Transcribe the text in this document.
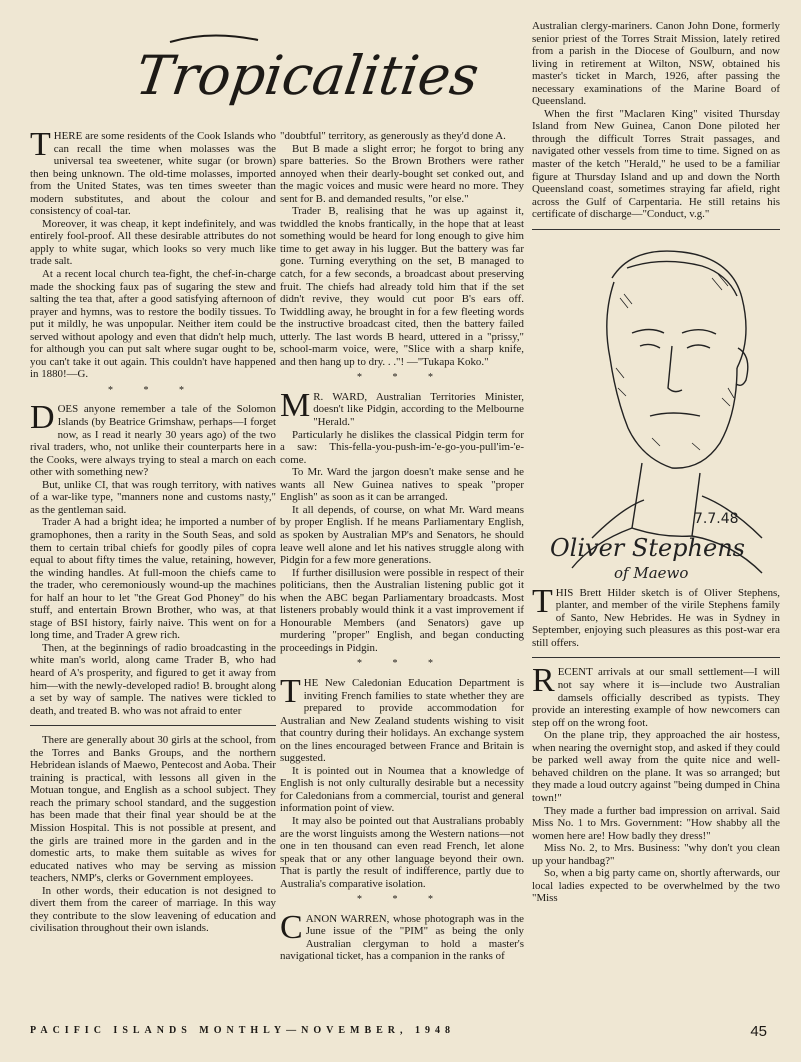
Tropicalities

THERE are some residents of the Cook Islands who can recall the time when molasses was the universal tea sweetener, white sugar (or brown) then being unknown. The old-time molasses, imported from the United States, was ten times sweeter than modern substitutes, and about the colour and consistency of coal-tar.

Moreover, it was cheap, it kept indefinitely, and was entirely fool-proof. All these desirable attributes do not apply to white sugar, which looks so very much like trade salt.

At a recent local church tea-fight, the chef-in-charge made the shocking faux pas of sugaring the stew and salting the tea that, after a good satisfying afternoon of prayer and hymns, was to restore the bodily tissues. To put it mildly, he was unpopular. Neither item could be served without apology and even that didn't help much, for although you can put salt where sugar ought to be, you can't take it out again. This couldn't have happened in 1880!—G.

* * *

DOES anyone remember a tale of the Solomon Islands (by Beatrice Grimshaw, perhaps—I forget now, as I read it nearly 30 years ago) of the two rival traders, who, not unlike their counterparts here in the Cooks, were always trying to steal a march on each other with something new?

But, unlike CI, that was rough territory, with natives of a war-like type, "manners none and customs nasty," as the gentleman said.

Trader A had a bright idea; he imported a number of gramophones, then a rarity in the South Seas, and sold them to certain tribal chiefs for goodly piles of copra equal to about fifty times the value, retaining, however, the winding handles. At full-moon the chiefs came to the trader, who ceremoniously wound-up the machines for half an hour to let "the Great God Phoney" do his stuff, and entertain Brown Brother, who was, at that stage of BSI history, fairly naive. This went on for a long time, and Trader A grew rich.

Then, at the beginnings of radio broadcasting in the white man's world, along came Trader B, who had heard of A's prosperity, and figured to get it away from him—with the newly-developed radio! B. brought along a set by way of sample. The natives were tickled to death, and treated B. who was not afraid to enter

There are generally about 30 girls at the school, from the Torres and Banks Groups, and the northern Hebridean islands of Maewo, Pentecost and Aoba. Their training is practical, with lessons all given in the Motuan tongue, and English as a school subject. They reach the primary school standard, and the suggestion has been made that their final year should be at the Mission Hospital. This is not possible at present, and the girls are trained more in the garden and in the domestic arts, to make them suitable as wives for educated natives who may be serving as mission teachers, NMP's, clerks or Government employees.

In other words, their education is not designed to divert them from the career of marriage. In this way they contribute to the slow leavening of education and civilisation throughout their own islands.

"doubtful" territory, as generously as they'd done A.

But B made a slight error; he forgot to bring any spare batteries. So the Brown Brothers were rather annoyed when their dearly-bought set conked out, and the magic voices and music were heard no more. They sent for B. and demanded results, "or else."

Trader B, realising that he was up against it, twiddled the knobs frantically, in the hope that at least something would be heard for long enough to give him time to get away in his lugger. But the battery was far gone. Turning everything on the set, B managed to catch, for a few seconds, a broadcast about preserving fruit. The chiefs had already told him that if the set didn't revive, they would cut poor B's ears off. Twiddling away, he brought in for a few fleeting words the instructive broadcast cited, then the battery failed utterly. The last words B heard, uttered in a "prissy," school-marm voice, were, "Slice with a sharp knife, and then hang up to dry. . ."! —"Tukapa Koko."

* * *

M R. WARD, Australian Territories Minister, doesn't like Pidgin, according to the Melbourne "Herald."

Particularly he dislikes the classical Pidgin term for a saw: This-fella-you-push-im-'e-go-you-pull'im-'e-come.

To Mr. Ward the jargon doesn't make sense and he wants all New Guinea natives to speak "proper English" as soon as it can be arranged.

It all depends, of course, on what Mr. Ward means by proper English. If he means Parliamentary English, as spoken by Australian MP's and Senators, he should leave well alone and let his natives struggle along with Pidgin for a few more generations.

If further disillusion were possible in respect of their politicians, then the Australian listening public got it when the ABC began Parliamentary broadcasts. Most listeners probably would think it a vast improvement if Honourable Members (and Senators) gave up murdering "proper" English, and began conducting proceedings in Pidgin.

* * *

THE New Caledonian Education Department is inviting French families to state whether they are prepared to provide accommodation for Australian and New Zealand students wishing to visit that country during their holidays. An exchange system on the lines encouraged between France and Britain is suggested.

It is pointed out in Noumea that a knowledge of English is not only culturally desirable but a necessity for Caledonians from a commercial, tourist and general information point of view.

It may also be pointed out that Australians probably are the worst linguists among the Western nations—not one in ten thousand can even read French, let alone speak that or any other language beyond their own. That is partly the result of indifference, partly due to Australia's comparative isolation.

* * *

CANON WARREN, whose photograph was in the June issue of the "PIM" as being the only Australian clergyman to hold a master's navigational ticket, has a companion in the ranks of

Australian clergy-mariners. Canon John Done, formerly senior priest of the Torres Strait Mission, lately retired from a parish in the Diocese of Goulburn, and now living in retirement at Wilton, NSW, obtained his master's ticket in March, 1926, after passing the necessary examinations of the Marine Board of Queensland.

When the first "Maclaren King" visited Thursday Island from New Guinea, Canon Done piloted her through the difficult Torres Strait passages, and navigated other vessels from time to time. Signed on as master of the ketch "Herald," he used to be a familiar figure at Thursday Island and up and down the North Queensland coast, sometimes straying far afield, right across the Gulf of Carpentaria. He still retains his certificate of discharge—"Conduct, v.g."

7.7.48
Oliver Stephens
of Maewo

THIS Brett Hilder sketch is of Oliver Stephens, planter, and member of the virile Stephens family of Santo, New Hebrides. He was in Sydney in September, enjoying such pleasures as this post-war era still offers.

RECENT arrivals at our small settlement—I will not say where it is—include two Australian damsels officially described as typists. They provide an interesting example of how newcomers can step off on the wrong foot.

On the plane trip, they approached the air hostess, when nearing the overnight stop, and asked if they could be parked well away from the quite nice and well-behaved children on the plane. It was so arranged; but they made a loud outcry against "being dumped in China town!"

They made a further bad impression on arrival. Said Miss No. 1 to Mrs. Government: "How shabby all the women here are! How badly they dress!"

Miss No. 2, to Mrs. Business: "why don't you clean up your handbag?"

So, when a big party came on, shortly afterwards, our local ladies expected to be overwhelmed by the two "Miss

PACIFIC ISLANDS MONTHLY—NOVEMBER, 1948	45
